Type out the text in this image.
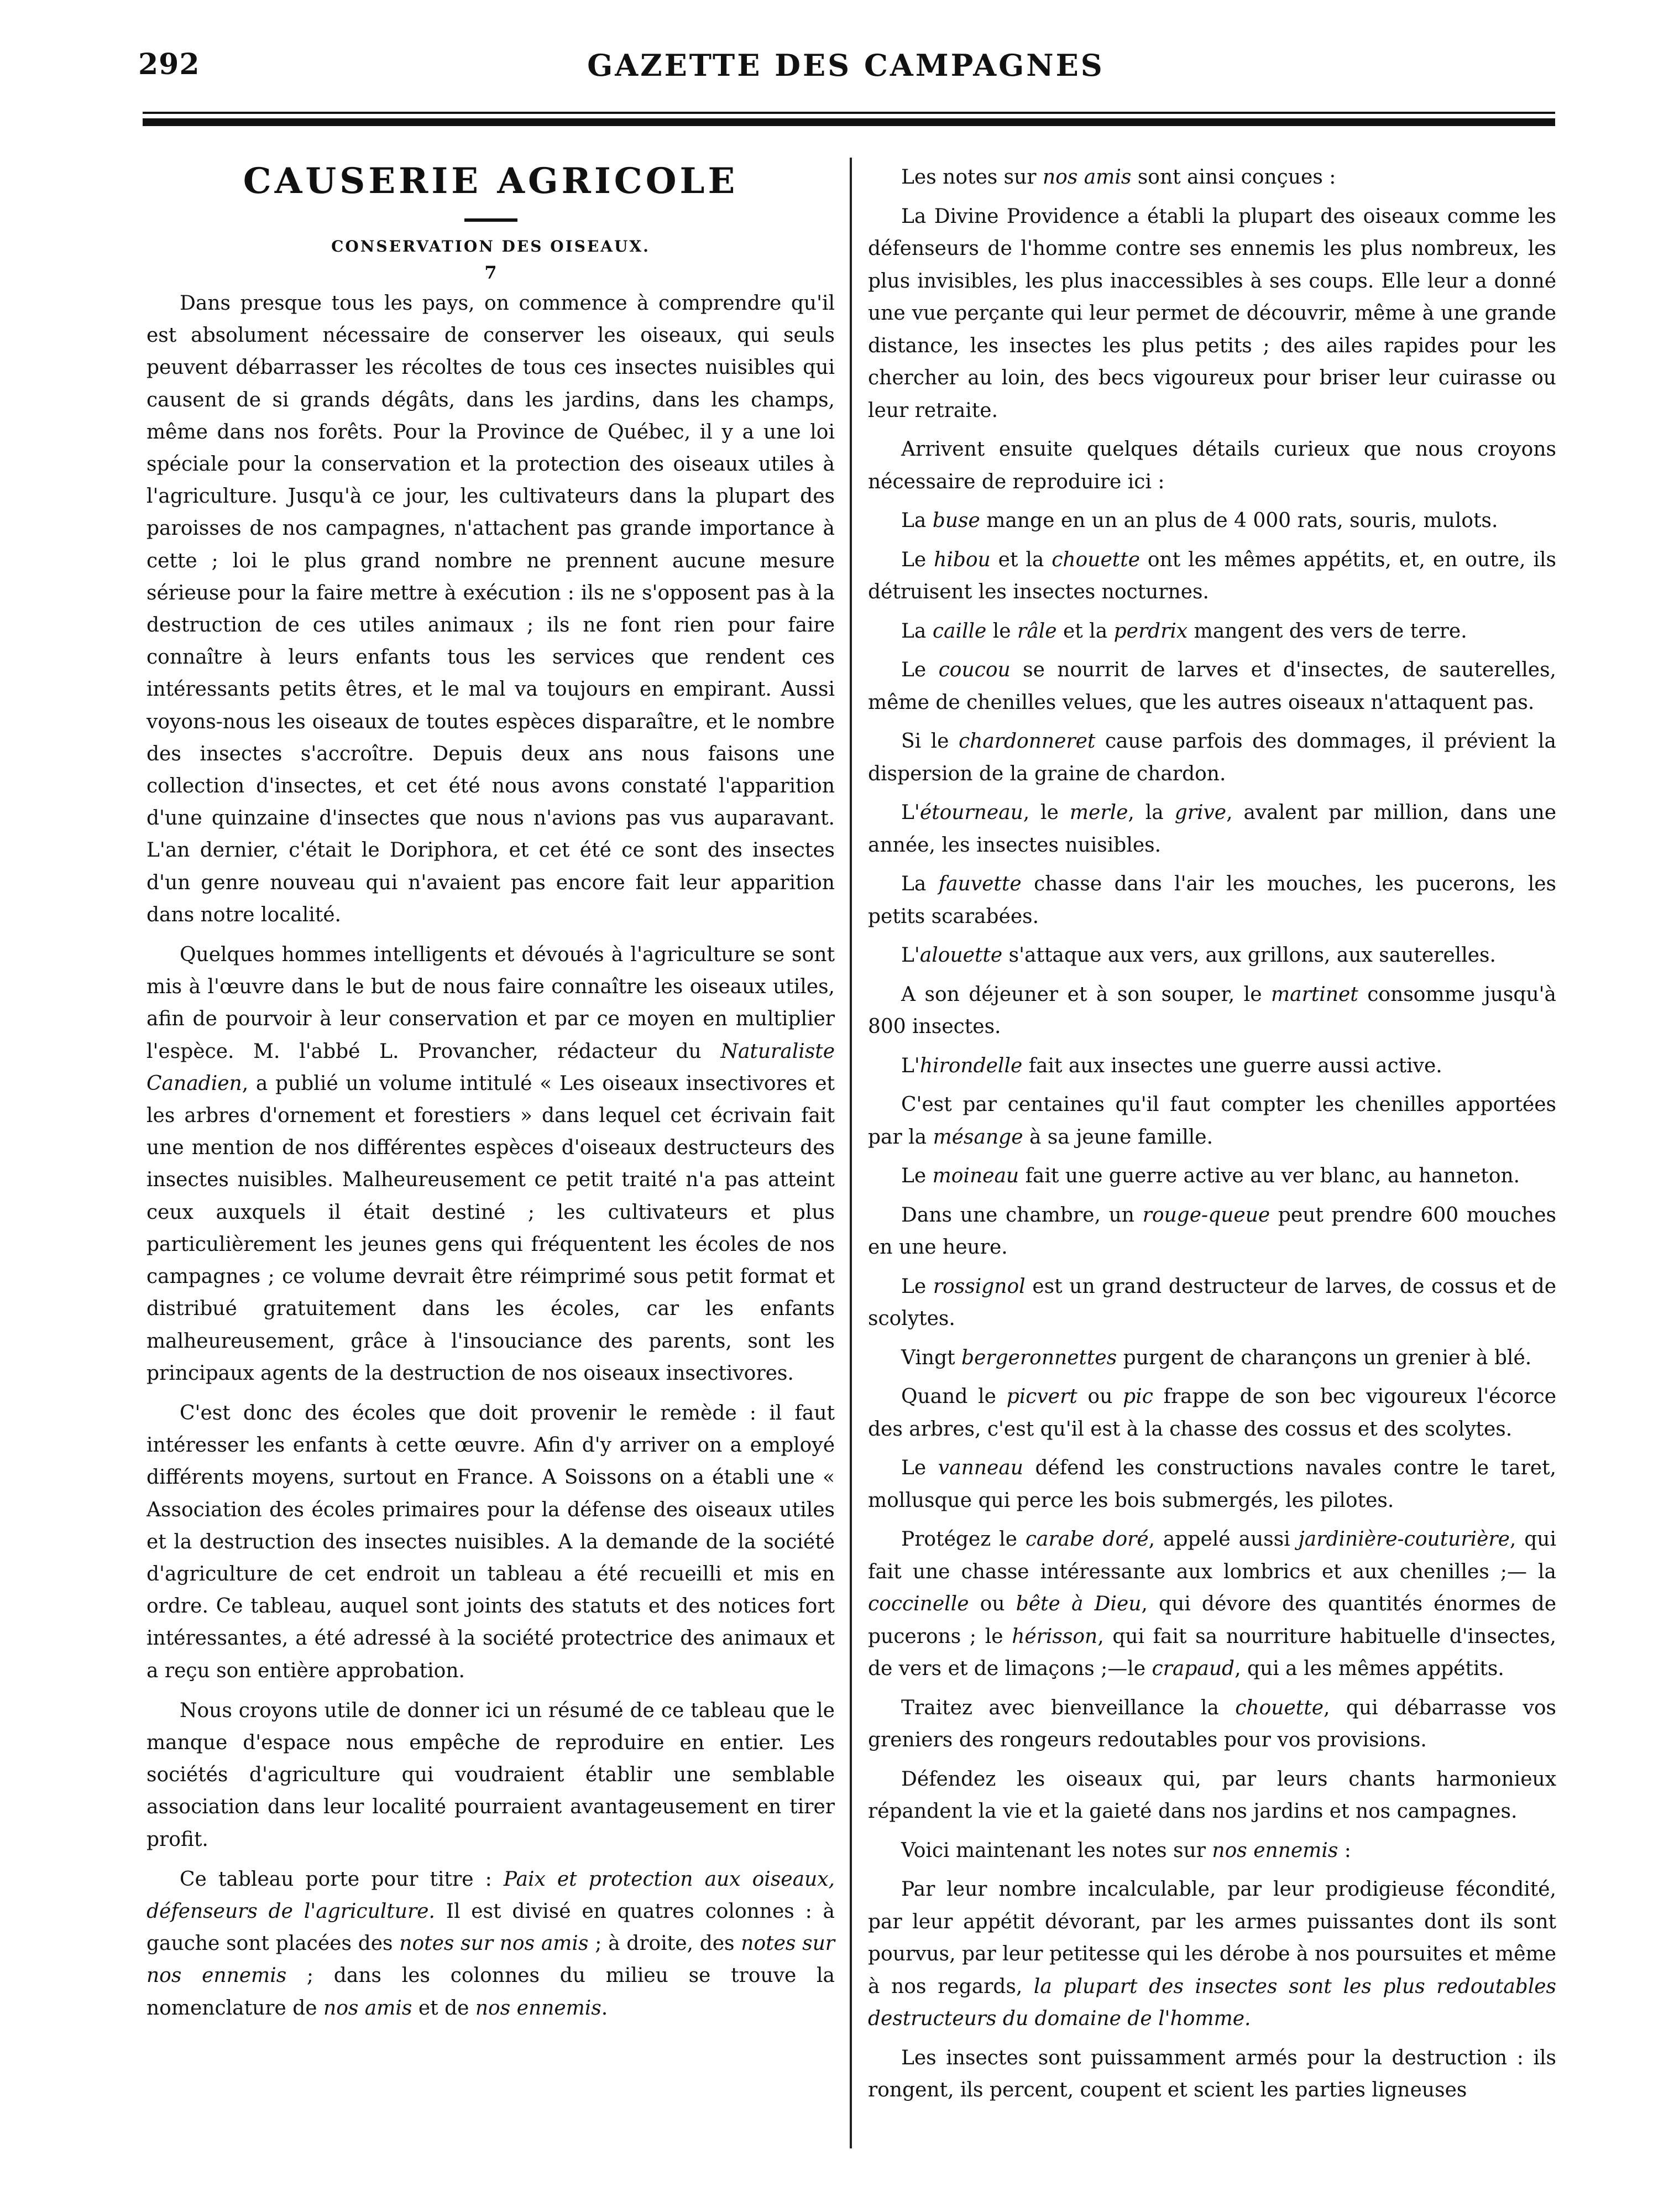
292	GAZETTE DES CAMPAGNES
CAUSERIE AGRICOLE
CONSERVATION DES OISEAUX.
7

Dans presque tous les pays, on commence à comprendre qu'il est absolument nécessaire de conserver les oiseaux, qui seuls peuvent débarrasser les récoltes de tous ces insectes nuisibles qui causent de si grands dégâts, dans les jardins, dans les champs, même dans nos forêts. Pour la Province de Québec, il y a une loi spéciale pour la conservation et la protection des oiseaux utiles à l'agriculture. Jusqu'à ce jour, les cultivateurs dans la plupart des paroisses de nos campagnes, n'attachent pas grande importance à cette ; loi le plus grand nombre ne prennent aucune mesure sérieuse pour la faire mettre à exécution : ils ne s'opposent pas à la destruction de ces utiles animaux ; ils ne font rien pour faire connaître à leurs enfants tous les services que rendent ces intéressants petits êtres, et le mal va toujours en empirant. Aussi voyons-nous les oiseaux de toutes espèces disparaître, et le nombre des insectes s'accroître. Depuis deux ans nous faisons une collection d'insectes, et cet été nous avons constaté l'apparition d'une quinzaine d'insectes que nous n'avions pas vus auparavant. L'an dernier, c'était le Doriphora, et cet été ce sont des insectes d'un genre nouveau qui n'avaient pas encore fait leur apparition dans notre localité.

Quelques hommes intelligents et dévoués à l'agriculture se sont mis à l'œuvre dans le but de nous faire connaître les oiseaux utiles, afin de pourvoir à leur conservation et par ce moyen en multiplier l'espèce. M. l'abbé L. Provancher, rédacteur du Naturaliste Canadien, a publié un volume intitulé « Les oiseaux insectivores et les arbres d'ornement et forestiers » dans lequel cet écrivain fait une mention de nos différentes espèces d'oiseaux destructeurs des insectes nuisibles. Malheureusement ce petit traité n'a pas atteint ceux auxquels il était destiné ; les cultivateurs et plus particulièrement les jeunes gens qui fréquentent les écoles de nos campagnes ; ce volume devrait être réimprimé sous petit format et distribué gratuitement dans les écoles, car les enfants malheureusement, grâce à l'insouciance des parents, sont les principaux agents de la destruction de nos oiseaux insectivores.

C'est donc des écoles que doit provenir le remède : il faut intéresser les enfants à cette œuvre. Afin d'y arriver on a employé différents moyens, surtout en France. A Soissons on a établi une « Association des écoles primaires pour la défense des oiseaux utiles et la destruction des insectes nuisibles. A la demande de la société d'agriculture de cet endroit un tableau a été recueilli et mis en ordre. Ce tableau, auquel sont joints des statuts et des notices fort intéressantes, a été adressé à la société protectrice des animaux et a reçu son entière approbation.

Nous croyons utile de donner ici un résumé de ce tableau que le manque d'espace nous empêche de reproduire en entier. Les sociétés d'agriculture qui voudraient établir une semblable association dans leur localité pourraient avantageusement en tirer profit.

Ce tableau porte pour titre : Paix et protection aux oiseaux, défenseurs de l'agriculture. Il est divisé en quatres colonnes : à gauche sont placées des notes sur nos amis ; à droite, des notes sur nos ennemis ; dans les colonnes du milieu se trouve la nomenclature de nos amis et de nos ennemis.

Les notes sur nos amis sont ainsi conçues :

La Divine Providence a établi la plupart des oiseaux comme les défenseurs de l'homme contre ses ennemis les plus nombreux, les plus invisibles, les plus inaccessibles à ses coups. Elle leur a donné une vue perçante qui leur permet de découvrir, même à une grande distance, les insectes les plus petits ; des ailes rapides pour les chercher au loin, des becs vigoureux pour briser leur cuirasse ou leur retraite.

Arrivent ensuite quelques détails curieux que nous croyons nécessaire de reproduire ici :

La buse mange en un an plus de 4 000 rats, souris, mulots.

Le hibou et la chouette ont les mêmes appétits, et, en outre, ils détruisent les insectes nocturnes.

La caille le râle et la perdrix mangent des vers de terre.

Le coucou se nourrit de larves et d'insectes, de sauterelles, même de chenilles velues, que les autres oiseaux n'attaquent pas.

Si le chardonneret cause parfois des dommages, il prévient la dispersion de la graine de chardon.

L'étourneau, le merle, la grive, avalent par million, dans une année, les insectes nuisibles.

La fauvette chasse dans l'air les mouches, les pucerons, les petits scarabées.

L'alouette s'attaque aux vers, aux grillons, aux sauterelles.

A son déjeuner et à son souper, le martinet consomme jusqu'à 800 insectes.

L'hirondelle fait aux insectes une guerre aussi active.

C'est par centaines qu'il faut compter les chenilles apportées par la mésange à sa jeune famille.

Le moineau fait une guerre active au ver blanc, au hanneton.

Dans une chambre, un rouge-queue peut prendre 600 mouches en une heure.

Le rossignol est un grand destructeur de larves, de cossus et de scolytes.

Vingt bergeronnettes purgent de charançons un grenier à blé.

Quand le picvert ou pic frappe de son bec vigoureux l'écorce des arbres, c'est qu'il est à la chasse des cossus et des scolytes.

Le vanneau défend les constructions navales contre le taret, mollusque qui perce les bois submergés, les pilotes.

Protégez le carabe doré, appelé aussi jardinière-couturière, qui fait une chasse intéressante aux lombrics et aux chenilles ;— la coccinelle ou bête à Dieu, qui dévore des quantités énormes de pucerons ; le hérisson, qui fait sa nourriture habituelle d'insectes, de vers et de limaçons ;—le crapaud, qui a les mêmes appétits.

Traitez avec bienveillance la chouette, qui débarrasse vos greniers des rongeurs redoutables pour vos provisions.

Défendez les oiseaux qui, par leurs chants harmonieux répandent la vie et la gaieté dans nos jardins et nos campagnes.

Voici maintenant les notes sur nos ennemis :

Par leur nombre incalculable, par leur prodigieuse fécondité, par leur appétit dévorant, par les armes puissantes dont ils sont pourvus, par leur petitesse qui les dérobe à nos poursuites et même à nos regards, la plupart des insectes sont les plus redoutables destructeurs du domaine de l'homme.

Les insectes sont puissamment armés pour la destruction : ils rongent, ils percent, coupent et scient les parties ligneuses
